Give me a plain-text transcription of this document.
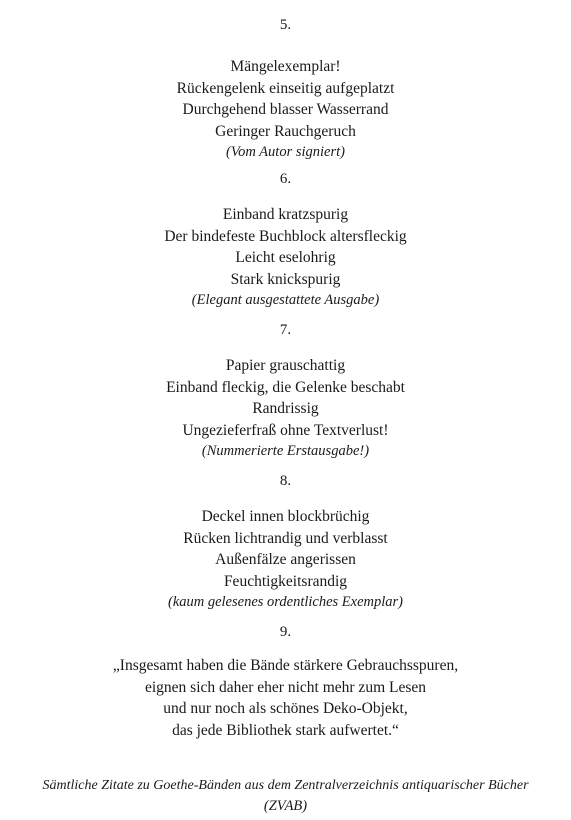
5.

Mängelexemplar!

Rückengelenk einseitig aufgeplatzt

Durchgehend blasser Wasserrand

Geringer Rauchgeruch

(Vom Autor signiert)

6.

Einband kratzspurig

Der bindefeste Buchblock altersfleckig

Leicht eselohrig

Stark knickspurig

(Elegant ausgestattete Ausgabe)

7.

Papier grauschattig

Einband fleckig, die Gelenke beschabt

Randrissig

Ungezieferfraß ohne Textverlust!

(Nummerierte Erstausgabe!)

8.

Deckel innen blockbrüchig

Rücken lichtrandig und verblasst

Außenfälze angerissen

Feuchtigkeitsrandig

(kaum gelesenes ordentliches Exemplar)

9.

„Insgesamt haben die Bände stärkere Gebrauchsspuren,

eignen sich daher eher nicht mehr zum Lesen

und nur noch als schönes Deko-Objekt,

das jede Bibliothek stark aufwertet.“

Sämtliche Zitate zu Goethe-Bänden aus dem Zentralverzeichnis antiquarischer Bücher
(ZVAB)
